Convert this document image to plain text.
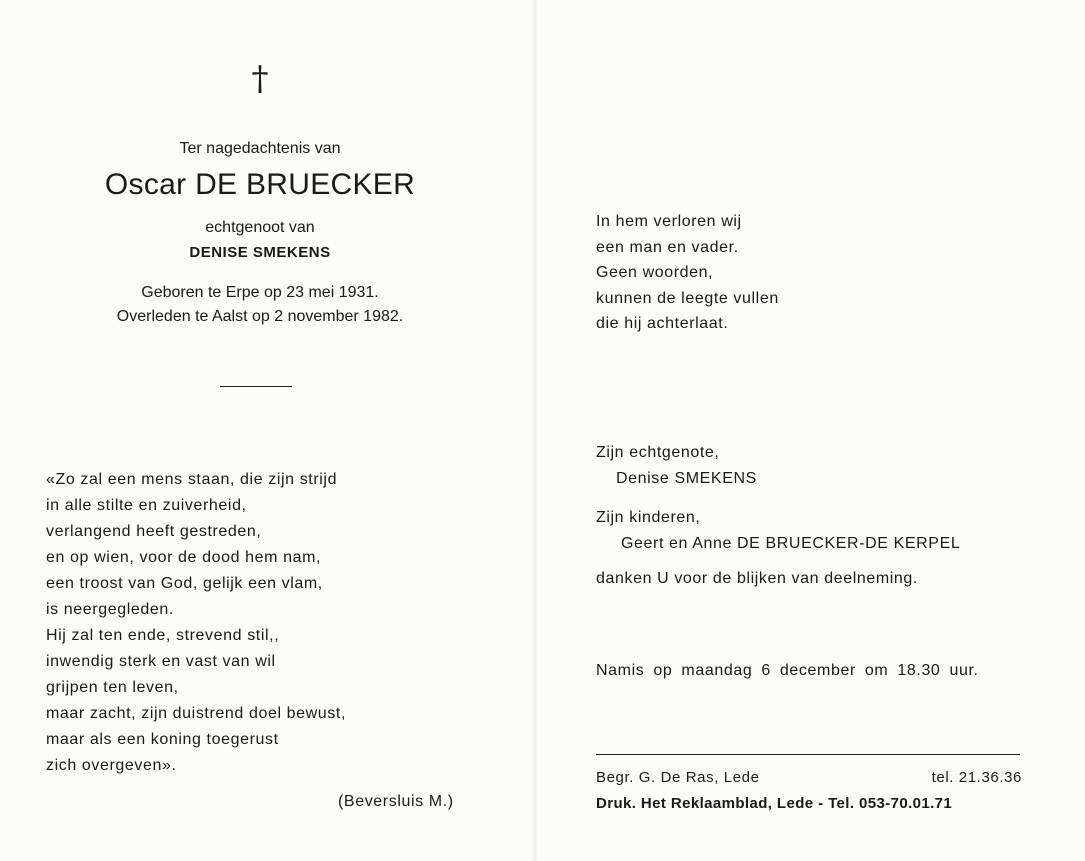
†
Ter nagedachtenis van
Oscar DE BRUECKER
echtgenoot van
DENISE SMEKENS
Geboren te Erpe op 23 mei 1931.
Overleden te Aalst op 2 november 1982.
«Zo zal een mens staan, die zijn strijd
in alle stilte en zuiverheid,
verlangend heeft gestreden,
en op wien, voor de dood hem nam,
een troost van God, gelijk een vlam,
is neergegleden.
Hij zal ten ende, strevend stil,,
inwendig sterk en vast van wil
grijpen ten leven,
maar zacht, zijn duistrend doel bewust,
maar als een koning toegerust
zich overgeven».
(Beversluis M.)
In hem verloren wij
een man en vader.
Geen woorden,
kunnen de leegte vullen
die hij achterlaat.
Zijn echtgenote,
Denise SMEKENS
Zijn kinderen,
Geert en Anne DE BRUECKER-DE KERPEL
danken U voor de blijken van deelneming.
Namis op maandag 6 december om 18.30 uur.
Begr. G. De Ras, Lede	tel. 21.36.36
Druk. Het Reklaamblad, Lede - Tel. 053-70.01.71
